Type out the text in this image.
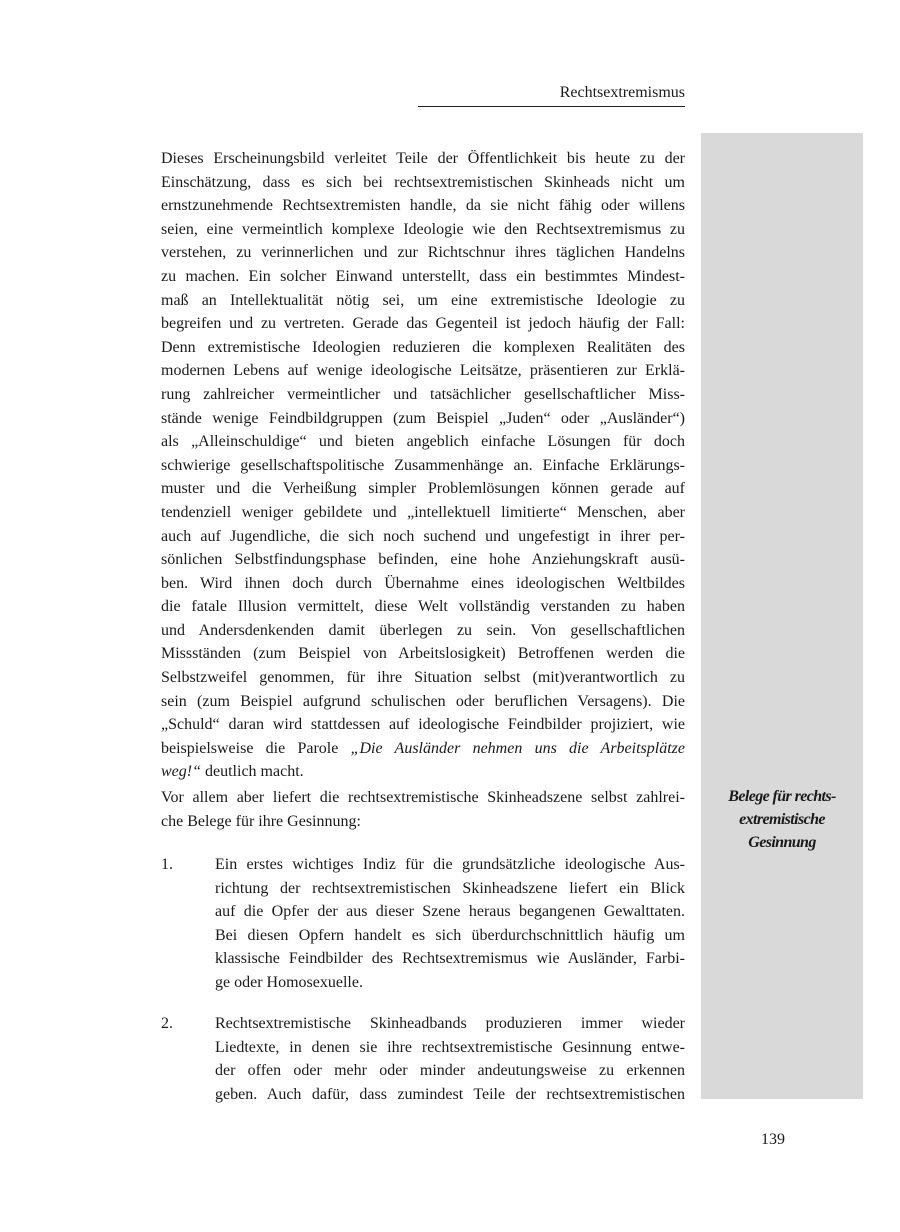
Rechtsextremismus
Belege für rechts-
extremistische
Gesinnung
Dieses Erscheinungsbild verleitet Teile der Öffentlichkeit bis heute zu der
Einschätzung, dass es sich bei rechtsextremistischen Skinheads nicht um
ernstzunehmende Rechtsextremisten handle, da sie nicht fähig oder willens
seien, eine vermeintlich komplexe Ideologie wie den Rechtsextremismus zu
verstehen, zu verinnerlichen und zur Richtschnur ihres täglichen Handelns
zu machen. Ein solcher Einwand unterstellt, dass ein bestimmtes Mindest-
maß an Intellektualität nötig sei, um eine extremistische Ideologie zu
begreifen und zu vertreten. Gerade das Gegenteil ist jedoch häufig der Fall:
Denn extremistische Ideologien reduzieren die komplexen Realitäten des
modernen Lebens auf wenige ideologische Leitsätze, präsentieren zur Erklä-
rung zahlreicher vermeintlicher und tatsächlicher gesellschaftlicher Miss-
stände wenige Feindbildgruppen (zum Beispiel „Juden“ oder „Ausländer“)
als „Alleinschuldige“ und bieten angeblich einfache Lösungen für doch
schwierige gesellschaftspolitische Zusammenhänge an. Einfache Erklärungs-
muster und die Verheißung simpler Problemlösungen können gerade auf
tendenziell weniger gebildete und „intellektuell limitierte“ Menschen, aber
auch auf Jugendliche, die sich noch suchend und ungefestigt in ihrer per-
sönlichen Selbstfindungsphase befinden, eine hohe Anziehungskraft ausü-
ben. Wird ihnen doch durch Übernahme eines ideologischen Weltbildes
die fatale Illusion vermittelt, diese Welt vollständig verstanden zu haben
und Andersdenkenden damit überlegen zu sein. Von gesellschaftlichen
Missständen (zum Beispiel von Arbeitslosigkeit) Betroffenen werden die
Selbstzweifel genommen, für ihre Situation selbst (mit)verantwortlich zu
sein (zum Beispiel aufgrund schulischen oder beruflichen Versagens). Die
„Schuld“ daran wird stattdessen auf ideologische Feindbilder projiziert, wie
beispielsweise die Parole „Die Ausländer nehmen uns die Arbeitsplätze
weg!“ deutlich macht.
Vor allem aber liefert die rechtsextremistische Skinheadszene selbst zahlrei-
che Belege für ihre Gesinnung:
1.	Ein erstes wichtiges Indiz für die grundsätzliche ideologische Aus-
richtung der rechtsextremistischen Skinheadszene liefert ein Blick
auf die Opfer der aus dieser Szene heraus begangenen Gewalttaten.
Bei diesen Opfern handelt es sich überdurchschnittlich häufig um
klassische Feindbilder des Rechtsextremismus wie Ausländer, Farbi-
ge oder Homosexuelle.
2.	Rechtsextremistische Skinheadbands produzieren immer wieder
Liedtexte, in denen sie ihre rechtsextremistische Gesinnung entwe-
der offen oder mehr oder minder andeutungsweise zu erkennen
geben. Auch dafür, dass zumindest Teile der rechtsextremistischen
139
